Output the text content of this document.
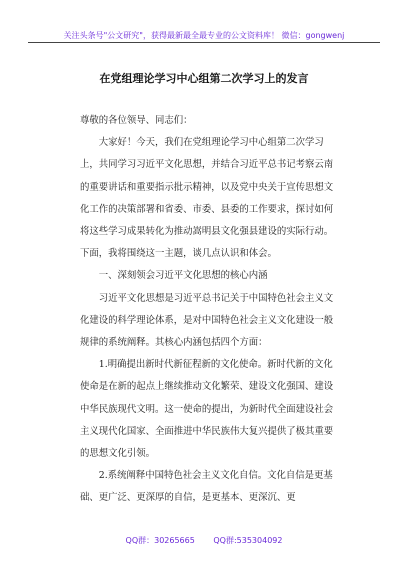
关注头条号"公文研究"，获得最新最全最专业的公文资料库！ 微信：gongwenj
在党组理论学习中心组第二次学习上的发言

尊敬的各位领导、同志们：

大家好！今天，我们在党组理论学习中心组第二次学习上，共同学习习近平文化思想，并结合习近平总书记考察云南的重要讲话和重要指示批示精神，以及党中央关于宣传思想文化工作的决策部署和省委、市委、县委的工作要求，探讨如何将这些学习成果转化为推动嵩明县文化强县建设的实际行动。下面，我将围绕这一主题，谈几点认识和体会。

一、深刻领会习近平文化思想的核心内涵

习近平文化思想是习近平总书记关于中国特色社会主义文化建设的科学理论体系，是对中国特色社会主义文化建设一般规律的系统阐释。其核心内涵包括四个方面：

1.明确提出新时代新征程新的文化使命。新时代新的文化使命是在新的起点上继续推动文化繁荣、建设文化强国、建设中华民族现代文明。这一使命的提出，为新时代全面建设社会主义现代化国家、全面推进中华民族伟大复兴提供了极其重要的思想文化引领。

2.系统阐释中国特色社会主义文化自信。文化自信是更基础、更广泛、更深厚的自信，是更基本、更深沉、更

QQ群：30265665 QQ群:535304092
